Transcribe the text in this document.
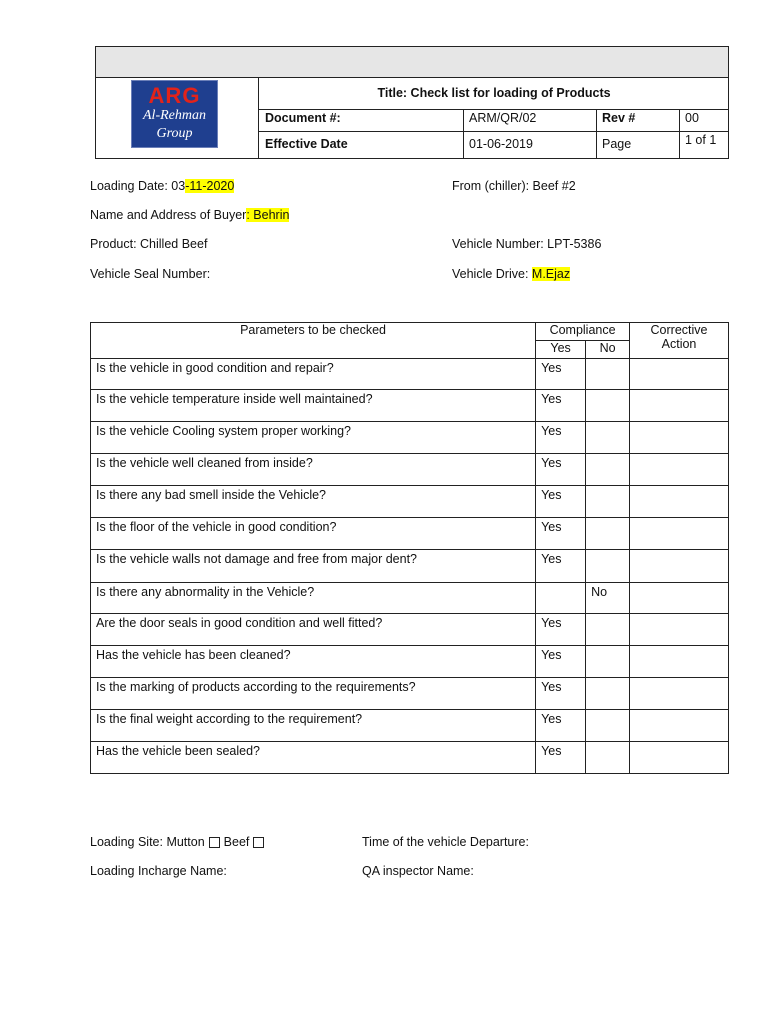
ARG
Al-Rehman
Group
Title: Check list for loading of Products
Document #:	ARM/QR/02	Rev #	00
Effective Date	01-06-2019	Page	1 of 1
Loading Date: 03-11-2020	From (chiller): Beef #2
Name and Address of Buyer: Behrin
Product: Chilled Beef	Vehicle Number: LPT-5386
Vehicle Seal Number:	Vehicle Drive: M.Ejaz
Parameters to be checked	Compliance		Corrective
Action

	Yes	No	
Is the vehicle in good condition and repair?	Yes		
Is the vehicle temperature inside well maintained?	Yes		
Is the vehicle Cooling system proper working?	Yes		
Is the vehicle well cleaned from inside?	Yes		
Is there any bad smell inside the Vehicle?	Yes		
Is the floor of the vehicle in good condition?	Yes		
Is the vehicle walls not damage and free from major dent?	Yes		
Is there any abnormality in the Vehicle?		No	
Are the door seals in good condition and well fitted?	Yes		
Has the vehicle has been cleaned?	Yes		
Is the marking of products according to the requirements?	Yes		
Is the final weight according to the requirement?	Yes		
Has the vehicle been sealed?	Yes		
Loading Site: Mutton Beef	Time of the vehicle Departure:
Loading Incharge Name:	QA inspector Name:
